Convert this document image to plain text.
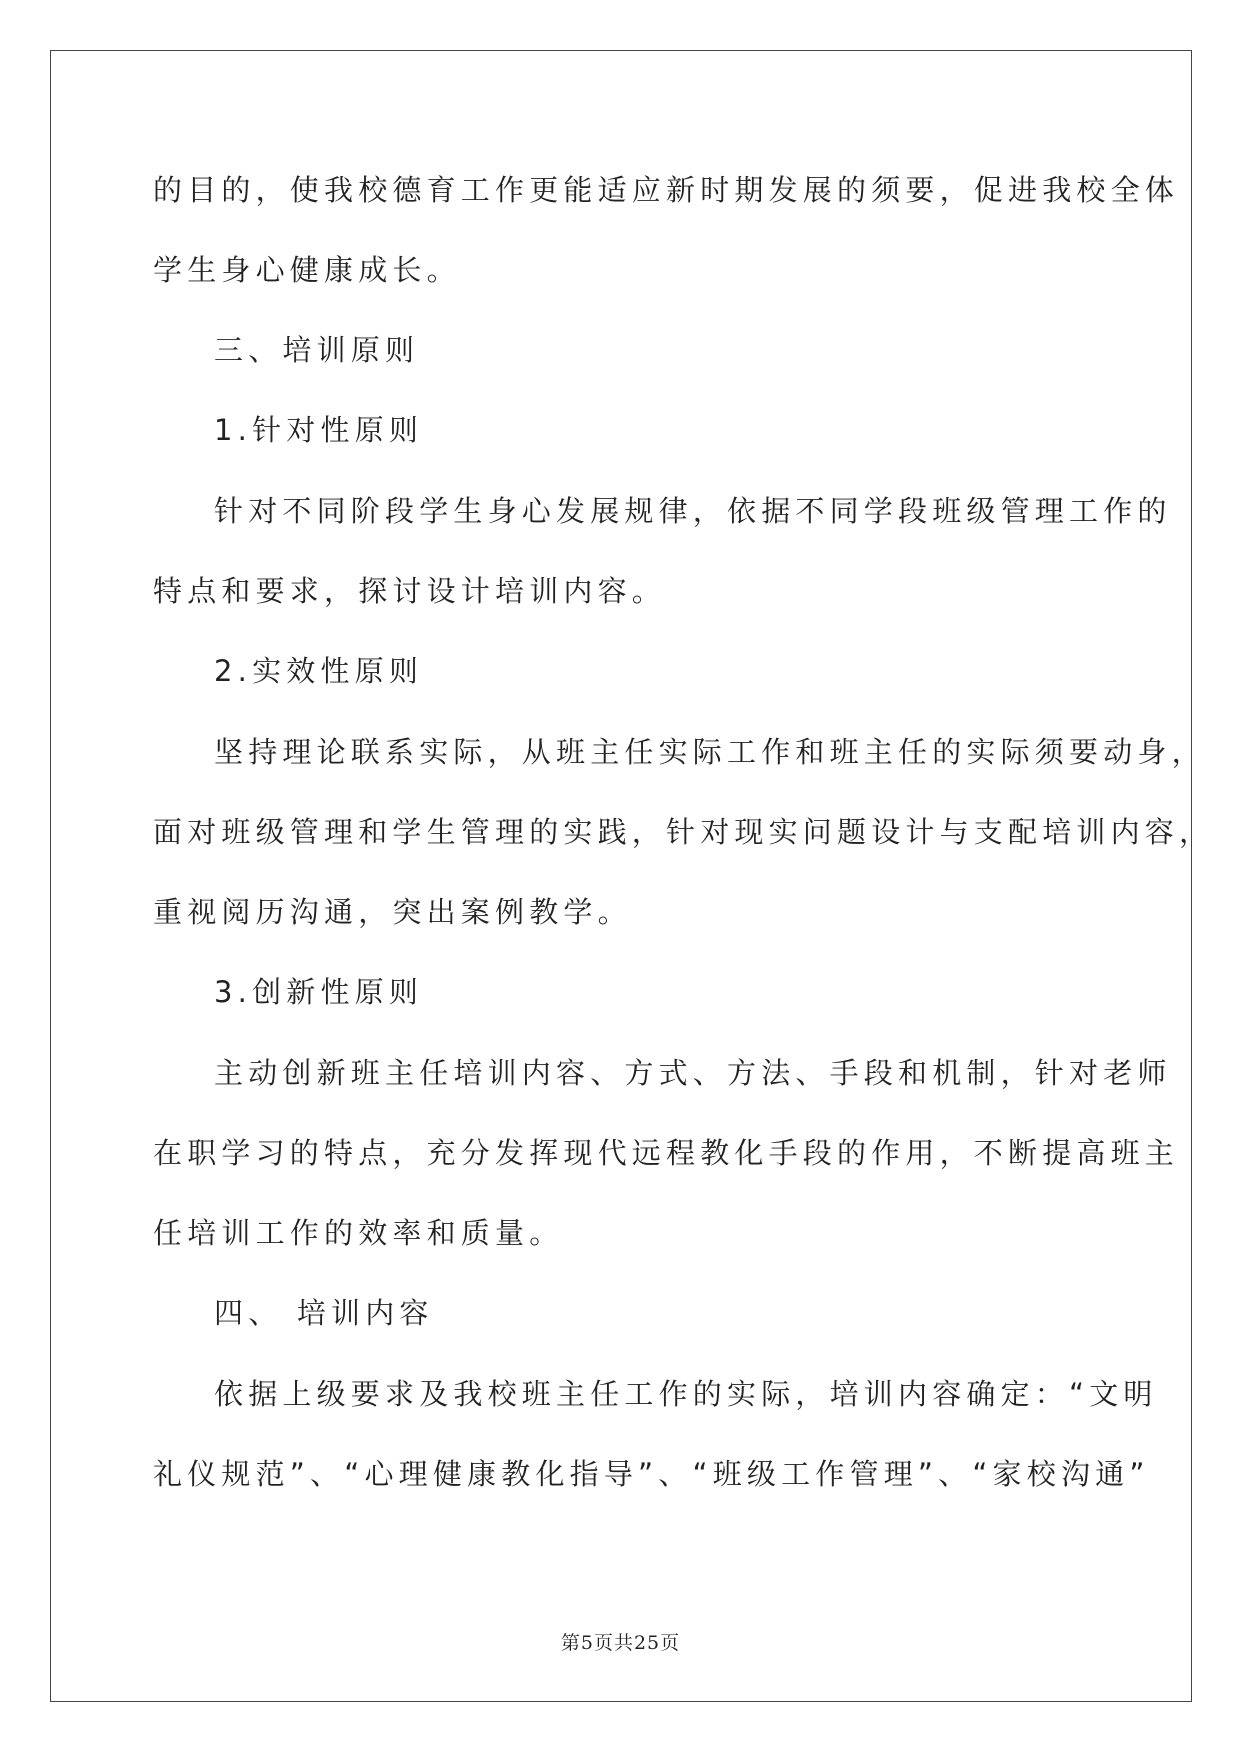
的目的，使我校德育工作更能适应新时期发展的须要，促进我校全体
学生身心健康成长。
三、培训原则
1.针对性原则
针对不同阶段学生身心发展规律，依据不同学段班级管理工作的
特点和要求，探讨设计培训内容。
2.实效性原则
坚持理论联系实际，从班主任实际工作和班主任的实际须要动身，
面对班级管理和学生管理的实践，针对现实问题设计与支配培训内容，
重视阅历沟通，突出案例教学。
3.创新性原则
主动创新班主任培训内容、方式、方法、手段和机制，针对老师
在职学习的特点，充分发挥现代远程教化手段的作用，不断提高班主
任培训工作的效率和质量。
四、 培训内容
依据上级要求及我校班主任工作的实际，培训内容确定：“文明
礼仪规范”、“心理健康教化指导”、“班级工作管理”、“家校沟通”
第5页共25页
